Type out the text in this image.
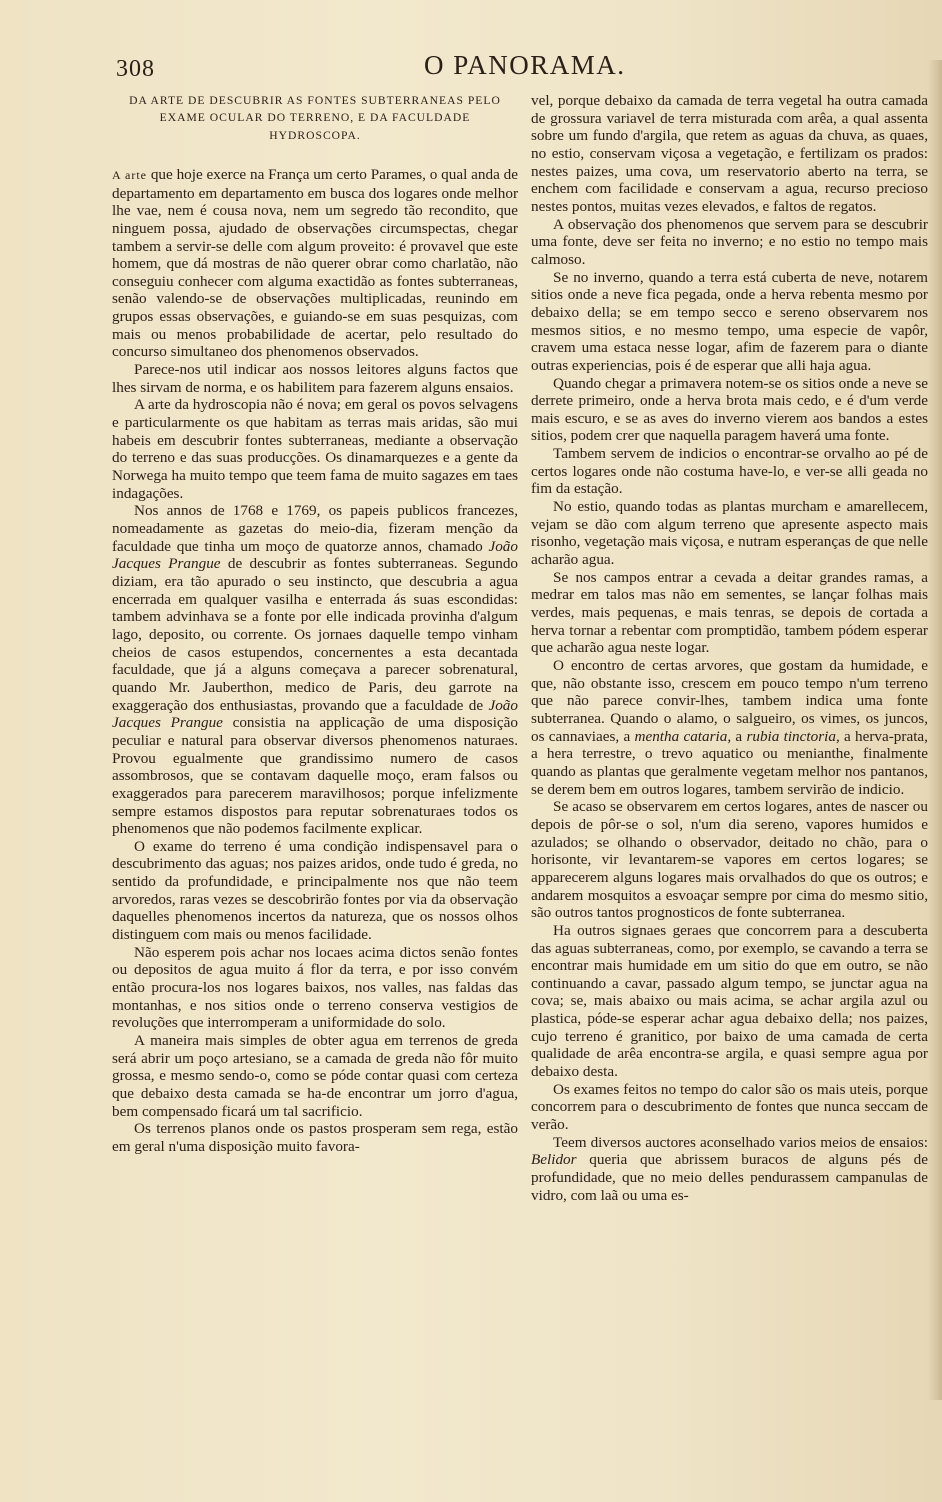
308	O PANORAMA.

DA ARTE DE DESCUBRIR AS FONTES SUBTERRANEAS PELO EXAME OCULAR DO TERRENO, E DA FACULDADE HYDROSCOPA.

A arte que hoje exerce na França um certo Parames, o qual anda de departamento em departamento em busca dos logares onde melhor lhe vae, nem é cousa nova, nem um segredo tão recondito, que ninguem possa, ajudado de observações circumspectas, chegar tambem a servir-se delle com algum proveito: é provavel que este homem, que dá mostras de não querer obrar como charlatão, não conseguiu conhecer com alguma exactidão as fontes subterraneas, senão valendo-se de observações multiplicadas, reunindo em grupos essas observações, e guiando-se em suas pesquizas, com mais ou menos probabilidade de acertar, pelo resultado do concurso simultaneo dos phenomenos observados.

Parece-nos util indicar aos nossos leitores alguns factos que lhes sirvam de norma, e os habilitem para fazerem alguns ensaios.

A arte da hydroscopia não é nova; em geral os povos selvagens e particularmente os que habitam as terras mais aridas, são mui habeis em descubrir fontes subterraneas, mediante a observação do terreno e das suas producções. Os dinamarquezes e a gente da Norwega ha muito tempo que teem fama de muito sagazes em taes indagações.

Nos annos de 1768 e 1769, os papeis publicos francezes, nomeadamente as gazetas do meio-dia, fizeram menção da faculdade que tinha um moço de quatorze annos, chamado João Jacques Prangue de descubrir as fontes subterraneas. Segundo diziam, era tão apurado o seu instincto, que descubria a agua encerrada em qualquer vasilha e enterrada ás suas escondidas: tambem advinhava se a fonte por elle indicada provinha d'algum lago, deposito, ou corrente. Os jornaes daquelle tempo vinham cheios de casos estupendos, concernentes a esta decantada faculdade, que já a alguns começava a parecer sobrenatural, quando Mr. Jauberthon, medico de Paris, deu garrote na exaggeração dos enthusiastas, provando que a faculdade de João Jacques Prangue consistia na applicação de uma disposição peculiar e natural para observar diversos phenomenos naturaes. Provou egualmente que grandissimo numero de casos assombrosos, que se contavam daquelle moço, eram falsos ou exaggerados para parecerem maravilhosos; porque infelizmente sempre estamos dispostos para reputar sobrenaturaes todos os phenomenos que não podemos facilmente explicar.

O exame do terreno é uma condição indispensavel para o descubrimento das aguas; nos paizes aridos, onde tudo é greda, no sentido da profundidade, e principalmente nos que não teem arvoredos, raras vezes se descobrirão fontes por via da observação daquelles phenomenos incertos da natureza, que os nossos olhos distinguem com mais ou menos facilidade.

Não esperem pois achar nos locaes acima dictos senão fontes ou depositos de agua muito á flor da terra, e por isso convém então procura-los nos logares baixos, nos valles, nas faldas das montanhas, e nos sitios onde o terreno conserva vestigios de revoluções que interromperam a uniformidade do solo.

A maneira mais simples de obter agua em terrenos de greda será abrir um poço artesiano, se a camada de greda não fôr muito grossa, e mesmo sendo-o, como se póde contar quasi com certeza que debaixo desta camada se ha-de encontrar um jorro d'agua, bem compensado ficará um tal sacrificio.

Os terrenos planos onde os pastos prosperam sem rega, estão em geral n'uma disposição muito favora-

vel, porque debaixo da camada de terra vegetal ha outra camada de grossura variavel de terra misturada com arêa, a qual assenta sobre um fundo d'argila, que retem as aguas da chuva, as quaes, no estio, conservam viçosa a vegetação, e fertilizam os prados: nestes paizes, uma cova, um reservatorio aberto na terra, se enchem com facilidade e conservam a agua, recurso precioso nestes pontos, muitas vezes elevados, e faltos de regatos.

A observação dos phenomenos que servem para se descubrir uma fonte, deve ser feita no inverno; e no estio no tempo mais calmoso.

Se no inverno, quando a terra está cuberta de neve, notarem sitios onde a neve fica pegada, onde a herva rebenta mesmo por debaixo della; se em tempo secco e sereno observarem nos mesmos sitios, e no mesmo tempo, uma especie de vapôr, cravem uma estaca nesse logar, afim de fazerem para o diante outras experiencias, pois é de esperar que alli haja agua.

Quando chegar a primavera notem-se os sitios onde a neve se derrete primeiro, onde a herva brota mais cedo, e é d'um verde mais escuro, e se as aves do inverno vierem aos bandos a estes sitios, podem crer que naquella paragem haverá uma fonte.

Tambem servem de indicios o encontrar-se orvalho ao pé de certos logares onde não costuma have-lo, e ver-se alli geada no fim da estação.

No estio, quando todas as plantas murcham e amarellecem, vejam se dão com algum terreno que apresente aspecto mais risonho, vegetação mais viçosa, e nutram esperanças de que nelle acharão agua.

Se nos campos entrar a cevada a deitar grandes ramas, a medrar em talos mas não em sementes, se lançar folhas mais verdes, mais pequenas, e mais tenras, se depois de cortada a herva tornar a rebentar com promptidão, tambem pódem esperar que acharão agua neste logar.

O encontro de certas arvores, que gostam da humidade, e que, não obstante isso, crescem em pouco tempo n'um terreno que não parece convir-lhes, tambem indica uma fonte subterranea. Quando o alamo, o salgueiro, os vimes, os juncos, os cannaviaes, a mentha cataria, a rubia tinctoria, a herva-prata, a hera terrestre, o trevo aquatico ou menianthe, finalmente quando as plantas que geralmente vegetam melhor nos pantanos, se derem bem em outros logares, tambem servirão de indicio.

Se acaso se observarem em certos logares, antes de nascer ou depois de pôr-se o sol, n'um dia sereno, vapores humidos e azulados; se olhando o observador, deitado no chão, para o horisonte, vir levantarem-se vapores em certos logares; se apparecerem alguns logares mais orvalhados do que os outros; e andarem mosquitos a esvoaçar sempre por cima do mesmo sitio, são outros tantos prognosticos de fonte subterranea.

Ha outros signaes geraes que concorrem para a descuberta das aguas subterraneas, como, por exemplo, se cavando a terra se encontrar mais humidade em um sitio do que em outro, se não continuando a cavar, passado algum tempo, se junctar agua na cova; se, mais abaixo ou mais acima, se achar argila azul ou plastica, póde-se esperar achar agua debaixo della; nos paizes, cujo terreno é granitico, por baixo de uma camada de certa qualidade de arêa encontra-se argila, e quasi sempre agua por debaixo desta.

Os exames feitos no tempo do calor são os mais uteis, porque concorrem para o descubrimento de fontes que nunca seccam de verão.

Teem diversos auctores aconselhado varios meios de ensaios: Belidor queria que abrissem buracos de alguns pés de profundidade, que no meio delles pendurassem campanulas de vidro, com laã ou uma es-
